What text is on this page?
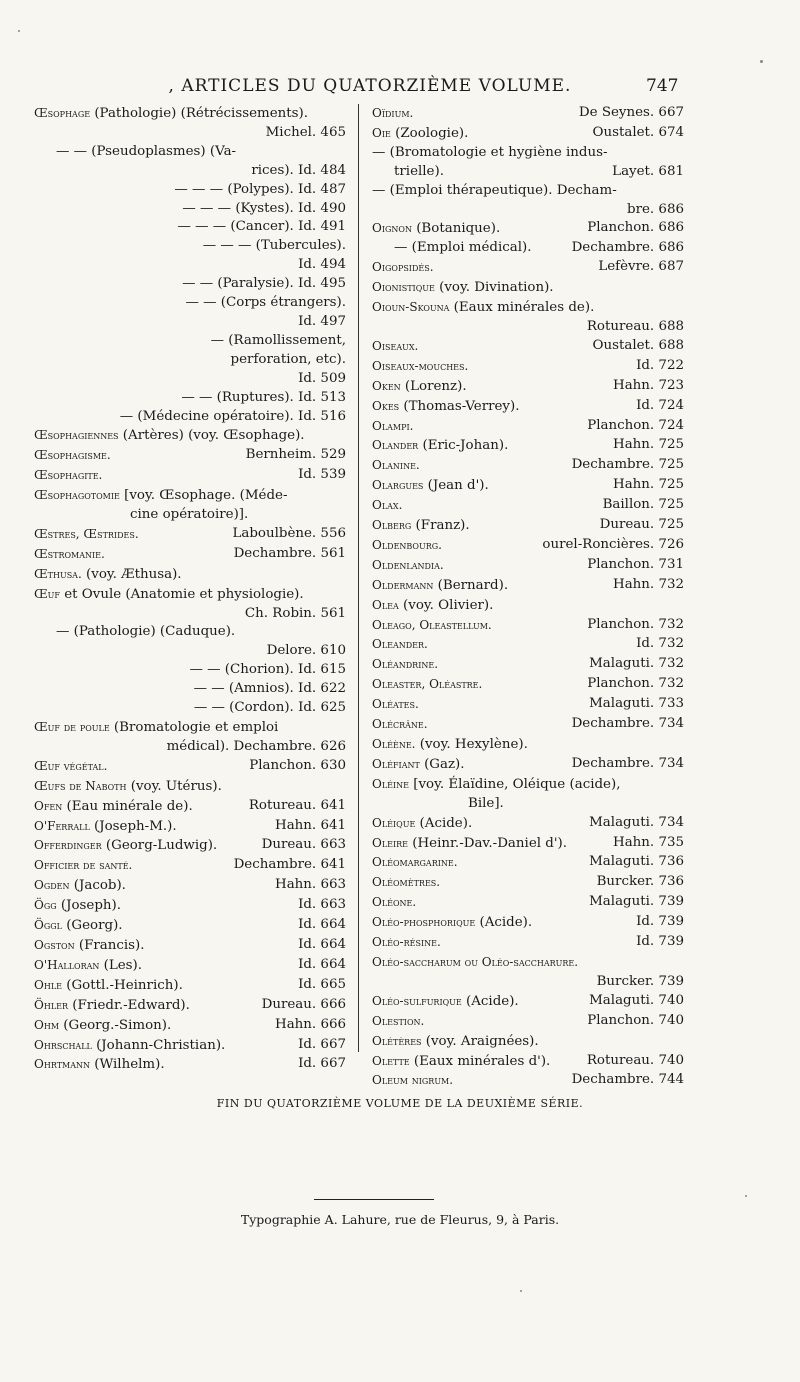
, ARTICLES DU QUATORZIÈME VOLUME.	747
Œsophage (Pathologie) (Rétrécissements).
Michel. 465
— — (Pseudoplasmes) (Va-
rices). Id. 484
— — — (Polypes). Id. 487
— — — (Kystes). Id. 490
— — — (Cancer). Id. 491
— — — (Tubercules).
Id. 494
— — (Paralysie). Id. 495
— — (Corps étrangers).
Id. 497
— (Ramollissement,
perforation, etc).
Id. 509
— — (Ruptures). Id. 513
— (Médecine opératoire). Id. 516
Œsophagiennes (Artères) (voy. Œsophage).
Œsophagisme.	Bernheim. 529
Œsophagite.	Id. 539
Œsophagotomie [voy. Œsophage. (Méde-
cine opératoire)].
Œstres, Œstrides.	Laboulbène. 556
Œstromanie.	Dechambre. 561
Œthusa. (voy. Æthusa).
Œuf et Ovule (Anatomie et physiologie).
Ch. Robin. 561
— (Pathologie) (Caduque).
Delore. 610
— — (Chorion). Id. 615
— — (Amnios). Id. 622
— — (Cordon). Id. 625
Œuf de poule (Bromatologie et emploi
médical). Dechambre. 626
Œuf végétal.	Planchon. 630
Œufs de Naboth (voy. Utérus).
Ofen (Eau minérale de).	Rotureau. 641
O'Ferrall (Joseph-M.).	Hahn. 641
Offerdinger (Georg-Ludwig).	Dureau. 663
Officier de santé.	Dechambre. 641
Ogden (Jacob).	Hahn. 663
Ögg (Joseph).	Id. 663
Öggl (Georg).	Id. 664
Ogston (Francis).	Id. 664
O'Halloran (Les).	Id. 664
Ohle (Gottl.-Heinrich).	Id. 665
Öhler (Friedr.-Edward).	Dureau. 666
Ohm (Georg.-Simon).	Hahn. 666
Ohrschall (Johann-Christian).	Id. 667
Ohrtmann (Wilhelm).	Id. 667
Oïdium.	De Seynes. 667
Oie (Zoologie).	Oustalet. 674
— (Bromatologie et hygiène indus-
trielle).	Layet. 681
— (Emploi thérapeutique). Decham-
bre. 686
Oignon (Botanique).	Planchon. 686
— (Emploi médical).	Dechambre. 686
Oigopsidés.	Lefèvre. 687
Oionistique (voy. Divination).
Oioun-Skouna (Eaux minérales de).
Rotureau. 688
Oiseaux.	Oustalet. 688
Oiseaux-mouches.	Id. 722
Oken (Lorenz).	Hahn. 723
Okes (Thomas-Verrey).	Id. 724
Olampi.	Planchon. 724
Olander (Eric-Johan).	Hahn. 725
Olanine.	Dechambre. 725
Olargues (Jean d').	Hahn. 725
Olax.	Baillon. 725
Olberg (Franz).	Dureau. 725
Oldenbourg.	ourel-Roncières. 726
Oldenlandia.	Planchon. 731
Oldermann (Bernard).	Hahn. 732
Olea (voy. Olivier).
Oleago, Oleastellum.	Planchon. 732
Oleander.	Id. 732
Oléandrine.	Malaguti. 732
Oleaster, Oléastre.	Planchon. 732
Oléates.	Malaguti. 733
Olécrâne.	Dechambre. 734
Oléène. (voy. Hexylène).
Oléfiant (Gaz).	Dechambre. 734
Oléine [voy. Élaïdine, Oléique (acide),
Bile].
Oléique (Acide).	Malaguti. 734
Oleire (Heinr.-Dav.-Daniel d').	Hahn. 735
Oléomargarine.	Malaguti. 736
Oléomètres.	Burcker. 736
Oléone.	Malaguti. 739
Oléo-phosphorique (Acide).	Id. 739
Oléo-résine.	Id. 739
Oléo-saccharum ou Oléo-saccharure.
Burcker. 739
Oléo-sulfurique (Acide).	Malaguti. 740
Olestion.	Planchon. 740
Olétères (voy. Araignées).
Olette (Eaux minérales d').	Rotureau. 740
Oleum nigrum.	Dechambre. 744
FIN DU QUATORZIÈME VOLUME DE LA DEUXIÈME SÉRIE.
Typographie A. Lahure, rue de Fleurus, 9, à Paris.
